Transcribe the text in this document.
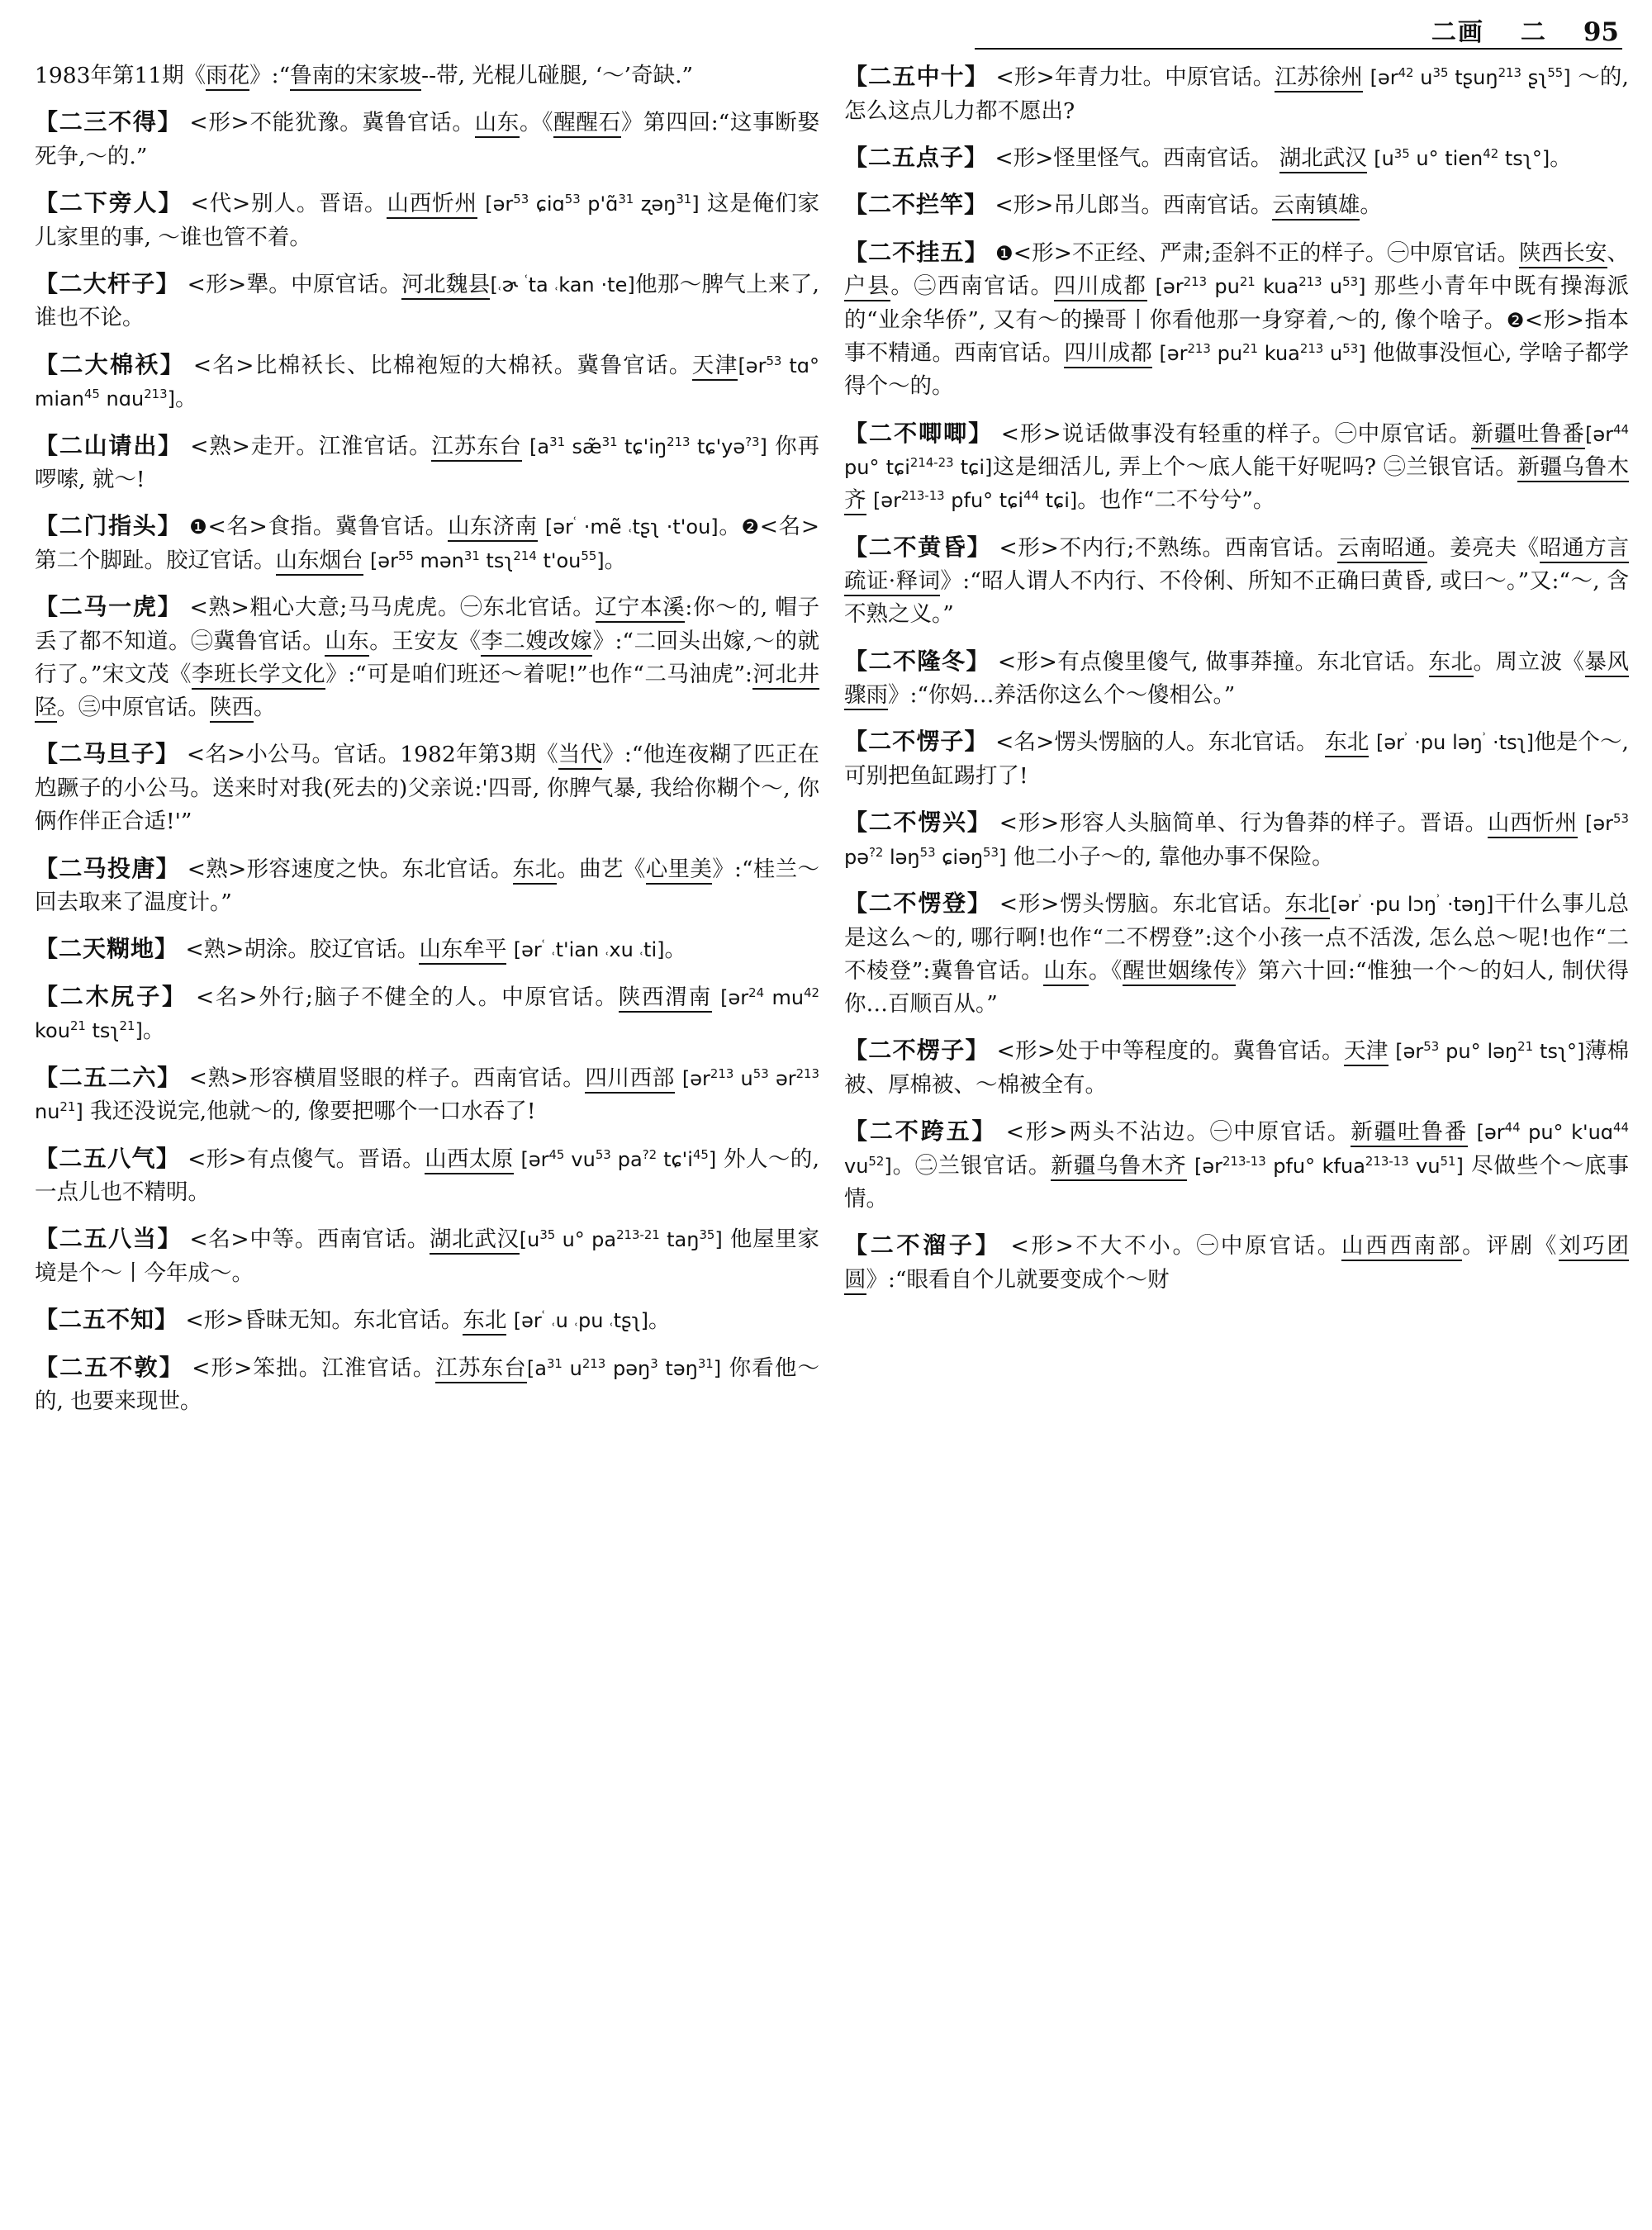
二画 二 95

1983年第11期《雨花》:“鲁南的宋家坡--带, 光棍儿碰腿, ‘～’奇缺.”

【二三不得】 <形>不能犹豫。冀鲁官话。山东。《醒醒石》第四回:“这事断娶死争,～的.”

【二下旁人】 <代>别人。晋语。山西忻州 [ər$^{53}$ ɕiɑ$^{53}$ p'ɑ̃$^{31}$ ʐəŋ$^{31}$] 这是俺们家儿家里的事, ～谁也管不着。

【二大杆子】 <形>犟。中原官话。河北魏县[$_ʿɚ$ $^ʿ$ta $_ʿ$kan ·te]他那～脾气上来了, 谁也不论。

【二大棉袄】 <名>比棉袄长、比棉袍短的大棉袄。冀鲁官话。天津[ər$^{53}$ tɑ° mian$^{45}$ nɑu$^{213}$]。

【二山请出】 <熟>走开。江淮官话。江苏东台 [$a^{31}$ sæ̃$^{31}$ $tɕ'iŋ^{213}$ tɕ'yə$^{?3}$] 你再啰嗦, 就～!

【二门指头】 ❶<名>食指。冀鲁官话。山东济南 [ər$^ʿ$ ·mẽ $_ʿ$tʂʅ ·t'ou]。❷<名>第二个脚趾。胶辽官话。山东烟台 [ər$^{55}$ mən$^{31}$ tsʅ$^{214}$ $t'ou^{55}$]。

【二马一虎】 <熟>粗心大意;马马虎虎。㊀东北官话。辽宁本溪:你～的, 帽子丢了都不知道。㊁冀鲁官话。山东。王安友《李二嫂改嫁》:“二回头出嫁,～的就行了。”宋文茂《李班长学文化》:“可是咱们班还～着呢!”也作“二马油虎”:河北井陉。㊂中原官话。陕西。

【二马旦子】 <名>小公马。官话。1982年第3期《当代》:“他连夜糊了匹正在尥蹶子的小公马。送来时对我(死去的)父亲说:'四哥, 你脾气暴, 我给你糊个～, 你俩作伴正合适!'”

【二马投唐】 <熟>形容速度之快。东北官话。东北。曲艺《心里美》:“桂兰～回去取来了温度计。”

【二天糊地】 <熟>胡涂。胶辽官话。山东牟平 [ər$^ʿ$ $_ʿ$t'ian $_ʿ$xu $_ʿ$ti]。

【二木尻子】 <名>外行;脑子不健全的人。中原官话。陕西渭南 [ər$^{24}$ $mu^{42}$ kou$^{21}$ tsʅ$^{21}$]。

【二五二六】 <熟>形容横眉竖眼的样子。西南官话。四川西部 [ər$^{213}$ $u^{53}$ ər$^{213}$ $nu^{21}$] 我还没说完,他就～的, 像要把哪个一口水吞了!

【二五八气】 <形>有点傻气。晋语。山西太原 [ər$^{45}$ $vu^{53}$ $pa^{?2}$ $tɕ'i^{45}$] 外人～的, 一点儿也不精明。

【二五八当】 <名>中等。西南官话。湖北武汉[$u^{35}$ u° $pa^{213-21}$ taŋ$^{35}$] 他屋里家境是个～丨今年成～。

【二五不知】 <形>昏昧无知。东北官话。东北 [ər$^ʿ$ $_ʿ$u $_ʿ$pu $_ʿ$tʂʅ]。

【二五不敦】 <形>笨拙。江淮官话。江苏东台[$a^{31}$ $u^{213}$ pəŋ$^3$ təŋ$^{31}$] 你看他～的, 也要来现世。

【二五中十】 <形>年青力壮。中原官话。江苏徐州 [ər$^{42}$ $u^{35}$ tʂuŋ$^{213}$ ʂʅ$^{55}$] ～的, 怎么这点儿力都不愿出?

【二五点子】 <形>怪里怪气。西南官话。 湖北武汉 [$u^{35}$ u° tien$^{42}$ tsʅ°]。

【二不拦竿】 <形>吊儿郎当。西南官话。云南镇雄。

【二不挂五】 ❶<形>不正经、严肃;歪斜不正的样子。㊀中原官话。陕西长安、户县。㊁西南官话。四川成都 [ər$^{213}$ $pu^{21}$ kua$^{213}$ $u^{53}$] 那些小青年中既有操海派的“业余华侨”, 又有～的操哥丨你看他那一身穿着,～的, 像个啥子。❷<形>指本事不精通。西南官话。四川成都 [ər$^{213}$ $pu^{21}$ kua$^{213}$ $u^{53}$] 他做事没恒心, 学啥子都学得个～的。

【二不唧唧】 <形>说话做事没有轻重的样子。㊀中原官话。新疆吐鲁番[ər$^{44}$ pu° tɕi$^{214-23}$ tɕi]这是细活儿, 弄上个～底人能干好呢吗? ㊁兰银官话。新疆乌鲁木齐 [ər$^{213-13}$ pfu° tɕi$^{44}$ tɕi]。也作“二不兮兮”。

【二不黄昏】 <形>不内行;不熟练。西南官话。云南昭通。姜亮夫《昭通方言疏证·释词》:“昭人谓人不内行、不伶俐、所知不正确曰黄昏, 或曰～。”又:“～, 含不熟之义。”

【二不隆冬】 <形>有点傻里傻气, 做事莽撞。东北官话。东北。周立波《暴风骤雨》:“你妈…养活你这么个～傻相公。”

【二不愣子】 <名>愣头愣脑的人。东北官话。 东北 [ər$^ʾ$ ·pu ləŋ$^ʾ$ ·tsʅ]他是个～, 可别把鱼缸踢打了!

【二不愣兴】 <形>形容人头脑简单、行为鲁莽的样子。晋语。山西忻州 [ər$^{53}$ pə$^{?2}$ ləŋ$^{53}$ ɕiəŋ$^{53}$] 他二小子～的, 靠他办事不保险。

【二不愣登】 <形>愣头愣脑。东北官话。东北[ər$^ʾ$ ·pu lɔŋ$^ʾ$ ·təŋ]干什么事儿总是这么～的, 哪行啊!也作“二不楞登”:这个小孩一点不活泼, 怎么总～呢!也作“二不棱登”:冀鲁官话。山东。《醒世姻缘传》第六十回:“惟独一个～的妇人, 制伏得你…百顺百从。”

【二不楞子】 <形>处于中等程度的。冀鲁官话。天津 [ər$^{53}$ pu° ləŋ$^{21}$ tsʅ°]薄棉被、厚棉被、～棉被全有。

【二不跨五】 <形>两头不沾边。㊀中原官话。新疆吐鲁番 [ər$^{44}$ pu° k'uɑ$^{44}$ $vu^{52}$]。㊁兰银官话。新疆乌鲁木齐 [ər$^{213-13}$ pfu° kfua$^{213-13}$ $vu^{51}$] 尽做些个～底事情。

【二不溜子】 <形>不大不小。㊀中原官话。山西西南部。评剧《刘巧团圆》:“眼看自个儿就要变成个～财
